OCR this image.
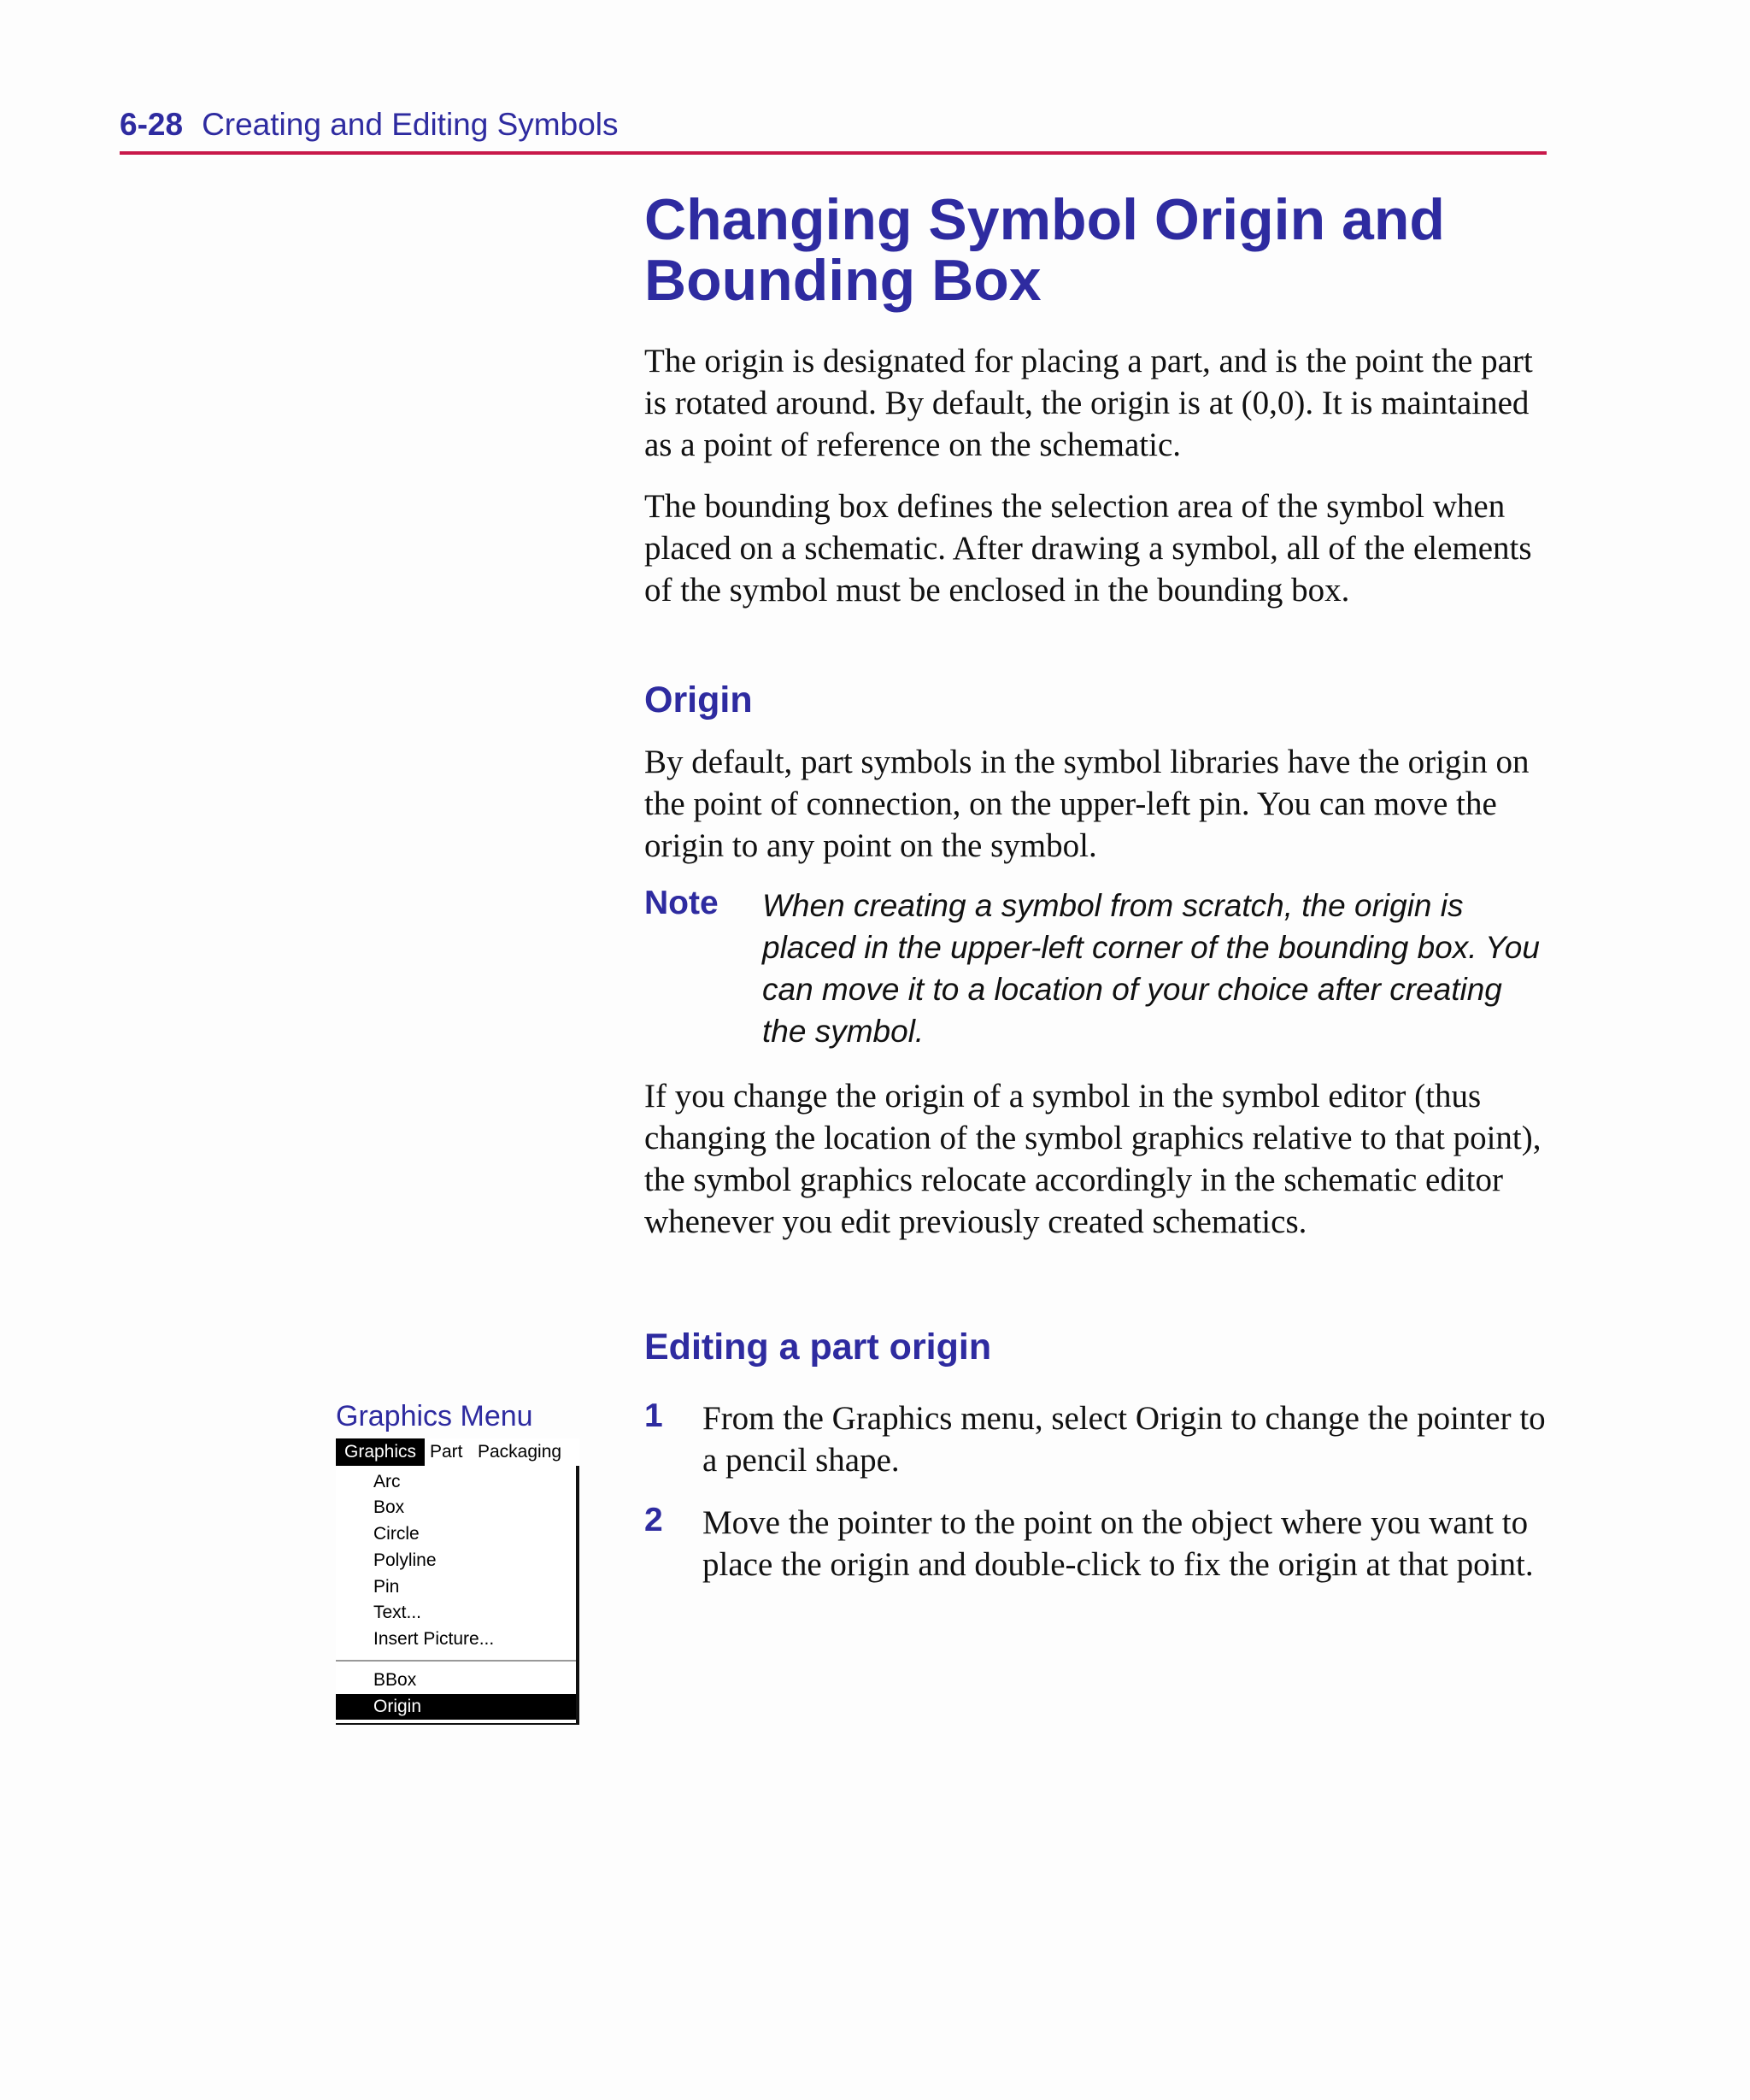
6-28 Creating and Editing Symbols
Changing Symbol Origin and Bounding Box

The origin is designated for placing a part, and is the point the part is rotated around. By default, the origin is at (0,0). It is maintained as a point of reference on the schematic.

The bounding box defines the selection area of the symbol when placed on a schematic. After drawing a symbol, all of the elements of the symbol must be enclosed in the bounding box.

Origin

By default, part symbols in the symbol libraries have the origin on the point of connection, on the upper-left pin. You can move the origin to any point on the symbol.

Note When creating a symbol from scratch, the origin is placed in the upper-left corner of the bounding box. You can move it to a location of your choice after creating the symbol.

If you change the origin of a symbol in the symbol editor (thus changing the location of the symbol graphics relative to that point), the symbol graphics relocate accordingly in the schematic editor whenever you edit previously created schematics.

Editing a part origin
1 From the Graphics menu, select Origin to change the pointer to a pencil shape.
2 Move the pointer to the point on the object where you want to place the origin and double-click to fix the origin at that point.
Graphics Menu
Graphics Part Packaging
Arc
Box
Circle
Polyline
Pin
Text...
Insert Picture...
BBox
Origin
